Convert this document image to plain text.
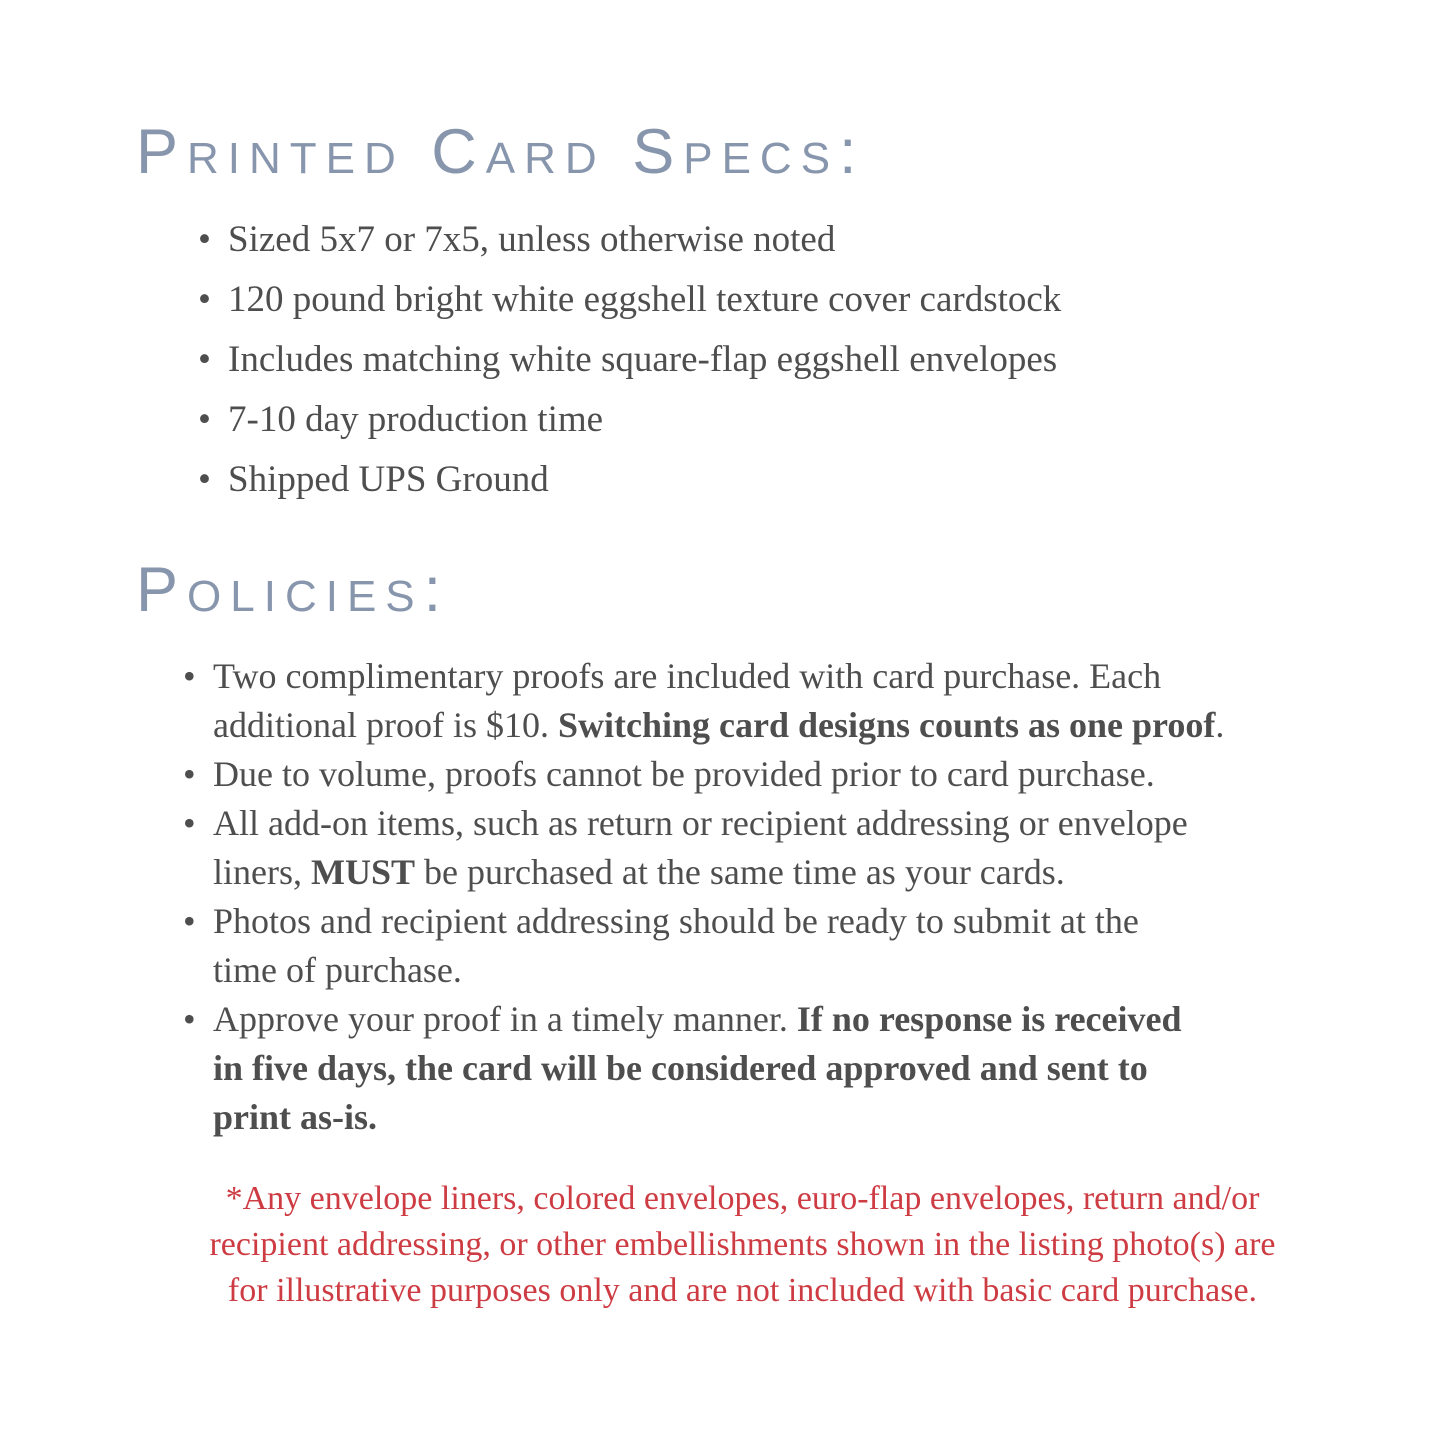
Printed Card Specs:
• Sized 5x7 or 7x5, unless otherwise noted
• 120 pound bright white eggshell texture cover cardstock
• Includes matching white square-flap eggshell envelopes
• 7-10 day production time
• Shipped UPS Ground
Policies:
• Two complimentary proofs are included with card purchase. Each
additional proof is $10. Switching card designs counts as one proof.
• Due to volume, proofs cannot be provided prior to card purchase.
• All add-on items, such as return or recipient addressing or envelope
liners, MUST be purchased at the same time as your cards.
• Photos and recipient addressing should be ready to submit at the
time of purchase.
• Approve your proof in a timely manner. If no response is received
in five days, the card will be considered approved and sent to
print as-is.

*Any envelope liners, colored envelopes, euro-flap envelopes, return and/or
recipient addressing, or other embellishments shown in the listing photo(s) are
for illustrative purposes only and are not included with basic card purchase.
